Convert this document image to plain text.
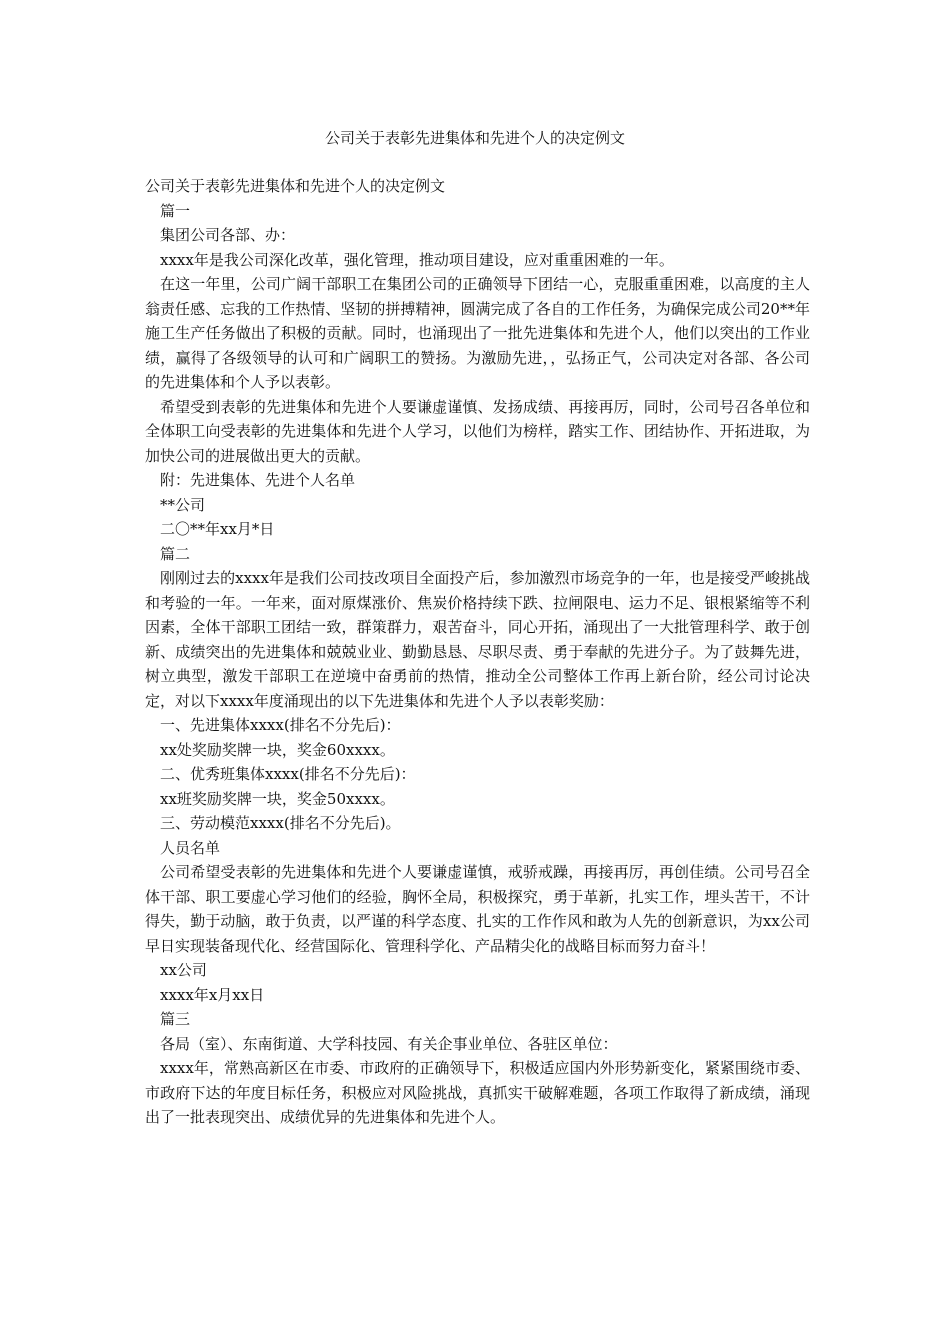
公司关于表彰先进集体和先进个人的决定例文

公司关于表彰先进集体和先进个人的决定例文

篇一

集团公司各部、办：

xxxx年是我公司深化改革，强化管理，推动项目建设，应对重重困难的一年。

在这一年里，公司广阔干部职工在集团公司的正确领导下团结一心，克服重重困难，以高度的主人翁责任感、忘我的工作热情、坚韧的拼搏精神，圆满完成了各自的工作任务，为确保完成公司20**年施工生产任务做出了积极的贡献。同时，也涌现出了一批先进集体和先进个人，他们以突出的工作业绩，赢得了各级领导的认可和广阔职工的赞扬。为激励先进，，弘扬正气，公司决定对各部、各公司的先进集体和个人予以表彰。

希望受到表彰的先进集体和先进个人要谦虚谨慎、发扬成绩、再接再厉，同时，公司号召各单位和全体职工向受表彰的先进集体和先进个人学习，以他们为榜样，踏实工作、团结协作、开拓进取，为加快公司的进展做出更大的贡献。

附：先进集体、先进个人名单

**公司

二〇**年xx月*日

篇二

刚刚过去的xxxx年是我们公司技改项目全面投产后，参加激烈市场竞争的一年，也是接受严峻挑战和考验的一年。一年来，面对原煤涨价、焦炭价格持续下跌、拉闸限电、运力不足、银根紧缩等不利因素，全体干部职工团结一致，群策群力，艰苦奋斗，同心开拓，涌现出了一大批管理科学、敢于创新、成绩突出的先进集体和兢兢业业、勤勤恳恳、尽职尽责、勇于奉献的先进分子。为了鼓舞先进，树立典型，激发干部职工在逆境中奋勇前的热情，推动全公司整体工作再上新台阶，经公司讨论决定，对以下xxxx年度涌现出的以下先进集体和先进个人予以表彰奖励：

一、先进集体xxxx(排名不分先后)：

xx处奖励奖牌一块，奖金60xxxx。

二、优秀班集体xxxx(排名不分先后)：

xx班奖励奖牌一块，奖金50xxxx。

三、劳动模范xxxx(排名不分先后)。

人员名单

公司希望受表彰的先进集体和先进个人要谦虚谨慎，戒骄戒躁，再接再厉，再创佳绩。公司号召全体干部、职工要虚心学习他们的经验，胸怀全局，积极探究，勇于革新，扎实工作，埋头苦干，不计得失，勤于动脑，敢于负责，以严谨的科学态度、扎实的工作作风和敢为人先的创新意识，为xx公司早日实现装备现代化、经营国际化、管理科学化、产品精尖化的战略目标而努力奋斗！

xx公司

xxxx年x月xx日

篇三

各局（室）、东南街道、大学科技园、有关企事业单位、各驻区单位：

xxxx年，常熟高新区在市委、市政府的正确领导下，积极适应国内外形势新变化，紧紧围绕市委、市政府下达的年度目标任务，积极应对风险挑战，真抓实干破解难题，各项工作取得了新成绩，涌现出了一批表现突出、成绩优异的先进集体和先进个人。
